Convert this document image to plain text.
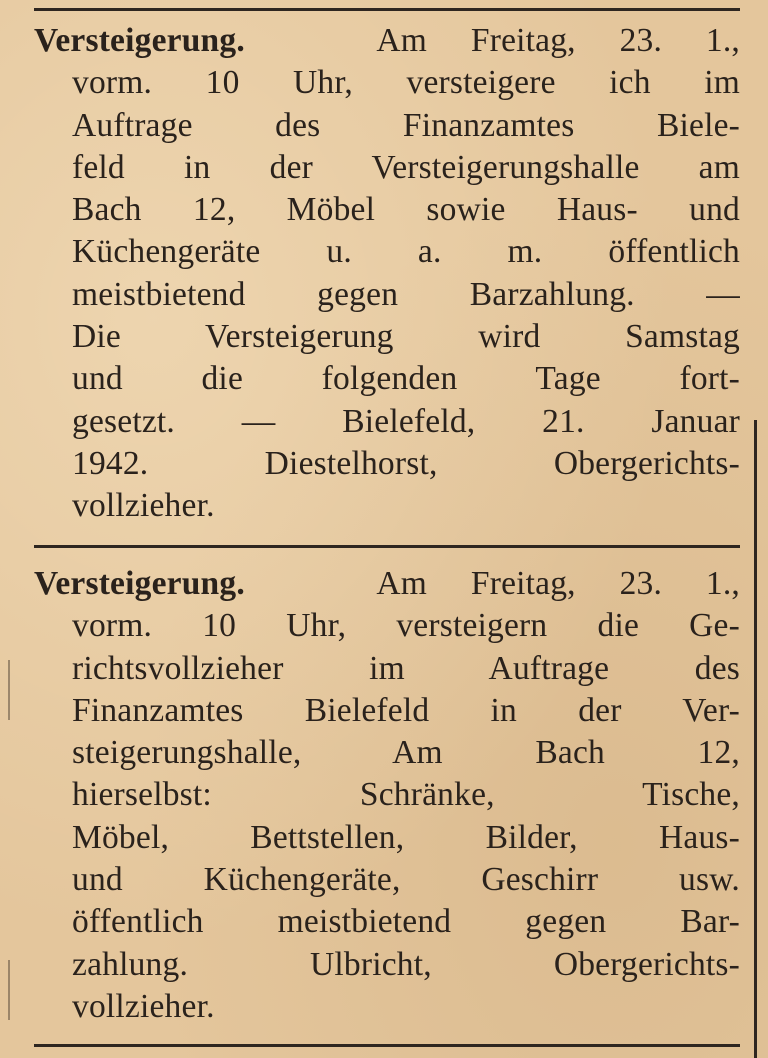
Versteigerung.	Am Freitag, 23. 1.,
vorm. 10 Uhr, versteigere ich im
Auftrage des Finanzamtes Biele-
feld in der Versteigerungshalle am
Bach 12, Möbel sowie Haus- und
Küchengeräte u. a. m. öffentlich
meistbietend gegen Barzahlung. —
Die Versteigerung wird Samstag
und die folgenden Tage fort-
gesetzt. — Bielefeld, 21. Januar
1942. Diestelhorst, Obergerichts-
vollzieher.
Versteigerung.	Am Freitag, 23. 1.,
vorm. 10 Uhr, versteigern die Ge-
richtsvollzieher im Auftrage des
Finanzamtes Bielefeld in der Ver-
steigerungshalle, Am Bach 12,
hierselbst: Schränke, Tische,
Möbel, Bettstellen, Bilder, Haus-
und Küchengeräte, Geschirr usw.
öffentlich meistbietend gegen Bar-
zahlung. Ulbricht, Obergerichts-
vollzieher.
